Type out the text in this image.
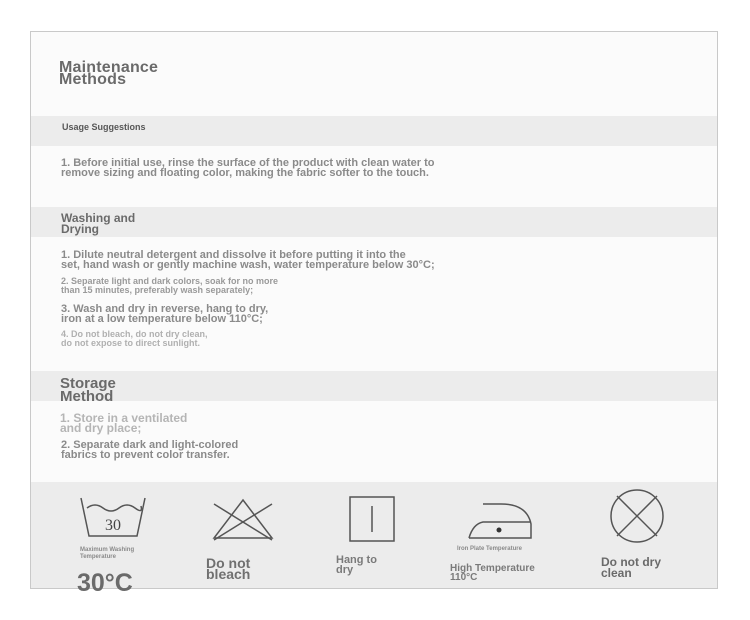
Maintenance
Methods
Usage Suggestions
1. Before initial use, rinse the surface of the product with clean water to
remove sizing and floating color, making the fabric softer to the touch.
Washing and
Drying
1. Dilute neutral detergent and dissolve it before putting it into the
set, hand wash or gently machine wash, water temperature below 30°C;
2. Separate light and dark colors, soak for no more
than 15 minutes, preferably wash separately;
3. Wash and dry in reverse, hang to dry,
iron at a low temperature below 110°C;
4. Do not bleach, do not dry clean,
do not expose to direct sunlight.
Storage
Method
1. Store in a ventilated
and dry place;
2. Separate dark and light-colored
fabrics to prevent color transfer.
30
Maximum Washing
Temperature
30°C
Do not
bleach
Hang to
dry
Iron Plate Temperature
High Temperature
110°C
Do not dry
clean
